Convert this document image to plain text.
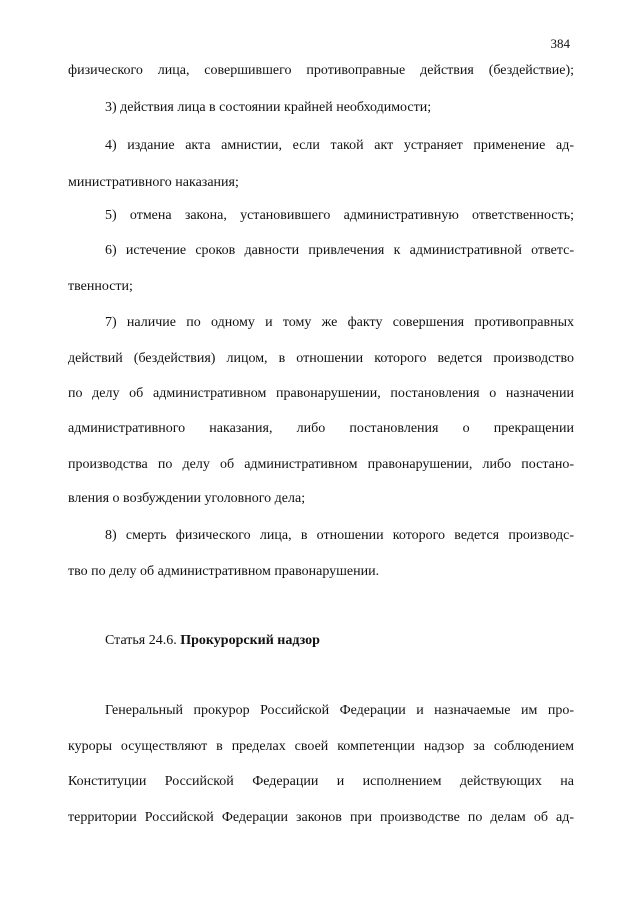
384
физического лица, совершившего противоправные действия (бездействие);
3) действия лица в состоянии крайней необходимости;
4) издание акта амнистии, если такой акт устраняет применение ад-
министративного наказания;
5) отмена закона, установившего административную ответственность;
6) истечение сроков давности привлечения к административной ответс-
твенности;
7) наличие по одному и тому же факту совершения противоправных
действий (бездействия) лицом, в отношении которого ведется производство
по делу об административном правонарушении, постановления о назначении
административного наказания, либо постановления о прекращении
производства по делу об административном правонарушении, либо постано-
вления о возбуждении уголовного дела;
8) смерть физического лица, в отношении которого ведется производс-
тво по делу об административном правонарушении.
Статья 24.6. Прокурорский надзор
Генеральный прокурор Российской Федерации и назначаемые им про-
куроры осуществляют в пределах своей компетенции надзор за соблюдением
Конституции Российской Федерации и исполнением действующих на
территории Российской Федерации законов при производстве по делам об ад-
